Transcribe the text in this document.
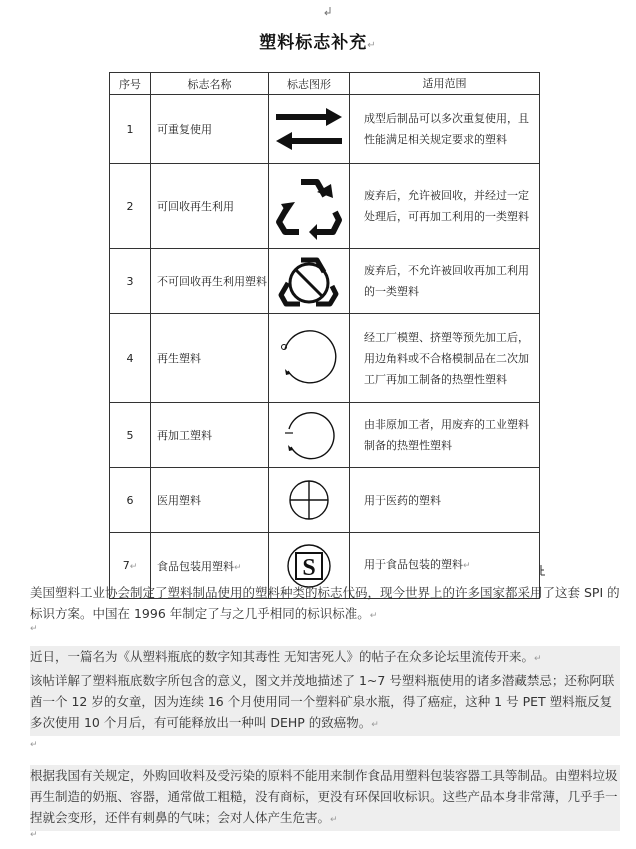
塑料标志补充↵
序号	标志名称	标志图形	适用范围
1	可重复使用		成型后制品可以多次重复使用，且性能满足相关规定要求的塑料
2	可回收再生利用		废弃后，允许被回收，并经过一定处理后，可再加工利用的一类塑料
3	不可回收再生利用塑料		废弃后，不允许被回收再加工利用的一类塑料
4	再生塑料		经工厂模塑、挤塑等预先加工后，用边角料或不合格模制品在二次加工厂再加工制备的热塑性塑料
5	再加工塑料		由非原加工者，用废弃的工业塑料制备的热塑性塑料
6	医用塑料		用于医药的塑料
7↵	食品包装用塑料↵	S	用于食品包装的塑料↵
美国塑料工业协会制定了塑料制品使用的塑料种类的标志代码，现今世界上的许多国家都采用了这套 SPI 的标识方案。中国在 1996 年制定了与之几乎相同的标识标准。↵
↵
近日，一篇名为《从塑料瓶底的数字知其毒性 无知害死人》的帖子在众多论坛里流传开来。↵
该帖详解了塑料瓶底数字所包含的意义，图文并茂地描述了 1~7 号塑料瓶使用的诸多潜藏禁忌；还称阿联酋一个 12 岁的女童，因为连续 16 个月使用同一个塑料矿泉水瓶，得了癌症，这种 1 号 PET 塑料瓶反复多次使用 10 个月后，有可能释放出一种叫 DEHP 的致癌物。↵
↵
根据我国有关规定，外购回收料及受污染的原料不能用来制作食品用塑料包装容器工具等制品。由塑料垃圾再生制造的奶瓶、容器，通常做工粗糙，没有商标，更没有环保回收标识。这些产品本身非常薄，几乎手一捏就会变形，还伴有刺鼻的气味；会对人体产生危害。↵
↵
